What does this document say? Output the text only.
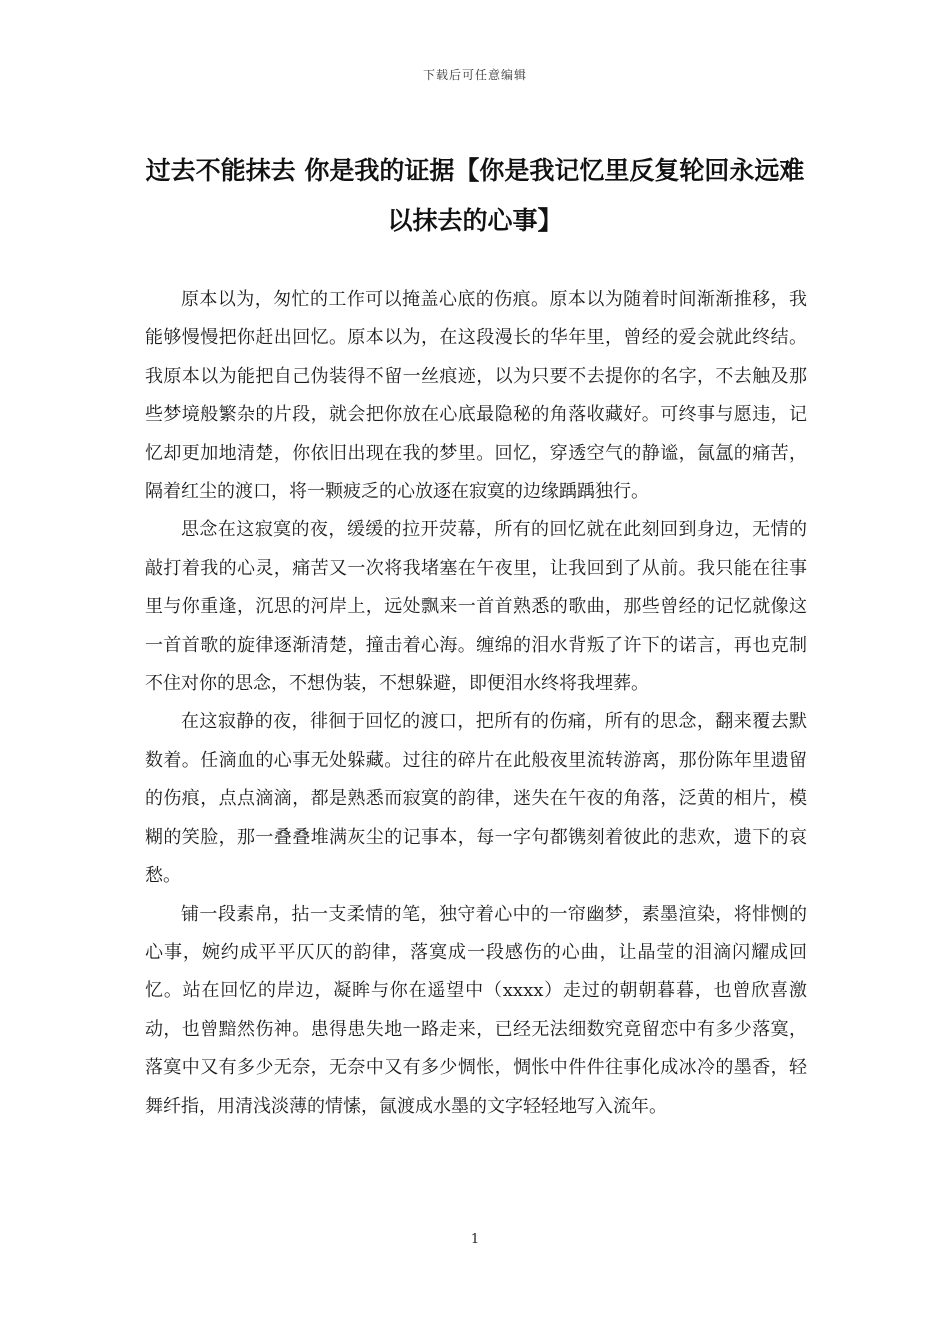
下载后可任意编辑
过去不能抹去 你是我的证据【你是我记忆里反复轮回永远难以抹去的心事】

原本以为，匆忙的工作可以掩盖心底的伤痕。原本以为随着时间渐渐推移，我能够慢慢把你赶出回忆。原本以为，在这段漫长的华年里，曾经的爱会就此终结。我原本以为能把自己伪装得不留一丝痕迹，以为只要不去提你的名字，不去触及那些梦境般繁杂的片段，就会把你放在心底最隐秘的角落收藏好。可终事与愿违，记忆却更加地清楚，你依旧出现在我的梦里。回忆，穿透空气的静谧，氤氲的痛苦，隔着红尘的渡口，将一颗疲乏的心放逐在寂寞的边缘踽踽独行。

思念在这寂寞的夜，缓缓的拉开荧幕，所有的回忆就在此刻回到身边，无情的敲打着我的心灵，痛苦又一次将我堵塞在午夜里，让我回到了从前。我只能在往事里与你重逢，沉思的河岸上，远处飘来一首首熟悉的歌曲，那些曾经的记忆就像这一首首歌的旋律逐渐清楚，撞击着心海。缠绵的泪水背叛了许下的诺言，再也克制不住对你的思念，不想伪装，不想躲避，即便泪水终将我埋葬。

在这寂静的夜，徘徊于回忆的渡口，把所有的伤痛，所有的思念，翻来覆去默数着。任滴血的心事无处躲藏。过往的碎片在此般夜里流转游离，那份陈年里遗留的伤痕，点点滴滴，都是熟悉而寂寞的韵律，迷失在午夜的角落，泛黄的相片，模糊的笑脸，那一叠叠堆满灰尘的记事本，每一字句都镌刻着彼此的悲欢，遗下的哀愁。

铺一段素帛，拈一支柔情的笔，独守着心中的一帘幽梦，素墨渲染，将悱恻的心事，婉约成平平仄仄的韵律，落寞成一段感伤的心曲，让晶莹的泪滴闪耀成回忆。站在回忆的岸边，凝眸与你在遥望中（xxxx）走过的朝朝暮暮，也曾欣喜激动，也曾黯然伤神。患得患失地一路走来，已经无法细数究竟留恋中有多少落寞，落寞中又有多少无奈，无奈中又有多少惆怅，惆怅中件件往事化成冰冷的墨香，轻舞纤指，用清浅淡薄的情愫，氤渡成水墨的文字轻轻地写入流年。

1
